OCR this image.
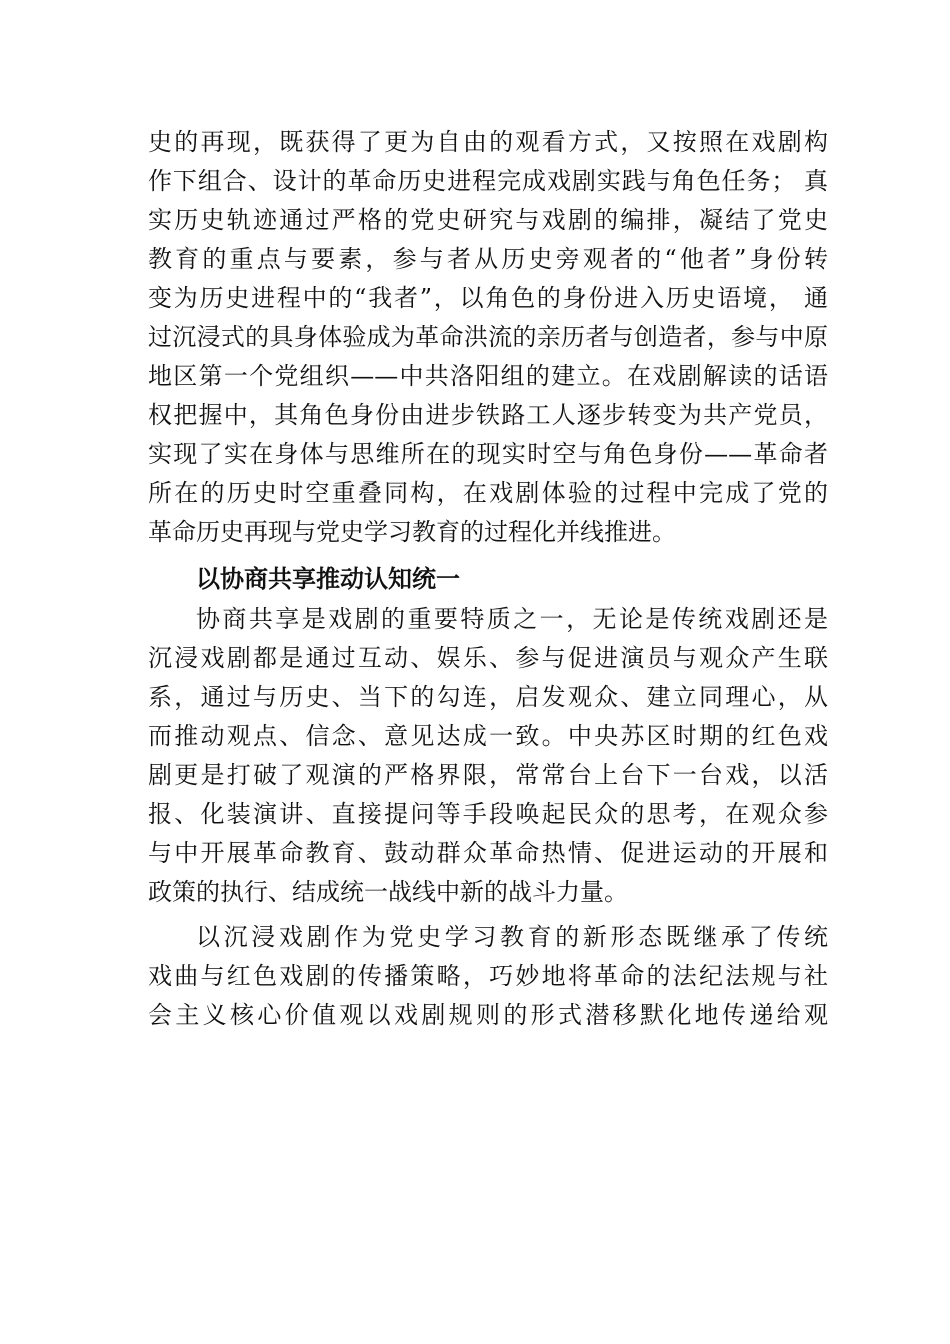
史的再现，既获得了更为自由的观看方式，又按照在戏剧构
作下组合、设计的革命历史进程完成戏剧实践与角色任务； 真
实历史轨迹通过严格的党史研究与戏剧的编排，凝结了党史
教育的重点与要素，参与者从历史旁观者的“他者”身份转
变为历史进程中的“我者”，以角色的身份进入历史语境， 通
过沉浸式的具身体验成为革命洪流的亲历者与创造者，参与中原
地区第一个党组织——中共洛阳组的建立。在戏剧解读的话语
权把握中，其角色身份由进步铁路工人逐步转变为共产党员，
实现了实在身体与思维所在的现实时空与角色身份——革命者
所在的历史时空重叠同构，在戏剧体验的过程中完成了党的
革命历史再现与党史学习教育的过程化并线推进。
以协商共享推动认知统一
协商共享是戏剧的重要特质之一，无论是传统戏剧还是
沉浸戏剧都是通过互动、娱乐、参与促进演员与观众产生联
系，通过与历史、当下的勾连，启发观众、建立同理心，从
而推动观点、信念、意见达成一致。中央苏区时期的红色戏
剧更是打破了观演的严格界限，常常台上台下一台戏，以活
报、化装演讲、直接提问等手段唤起民众的思考，在观众参
与中开展革命教育、鼓动群众革命热情、促进运动的开展和
政策的执行、结成统一战线中新的战斗力量。
以沉浸戏剧作为党史学习教育的新形态既继承了传统
戏曲与红色戏剧的传播策略，巧妙地将革命的法纪法规与社
会主义核心价值观以戏剧规则的形式潜移默化地传递给观
